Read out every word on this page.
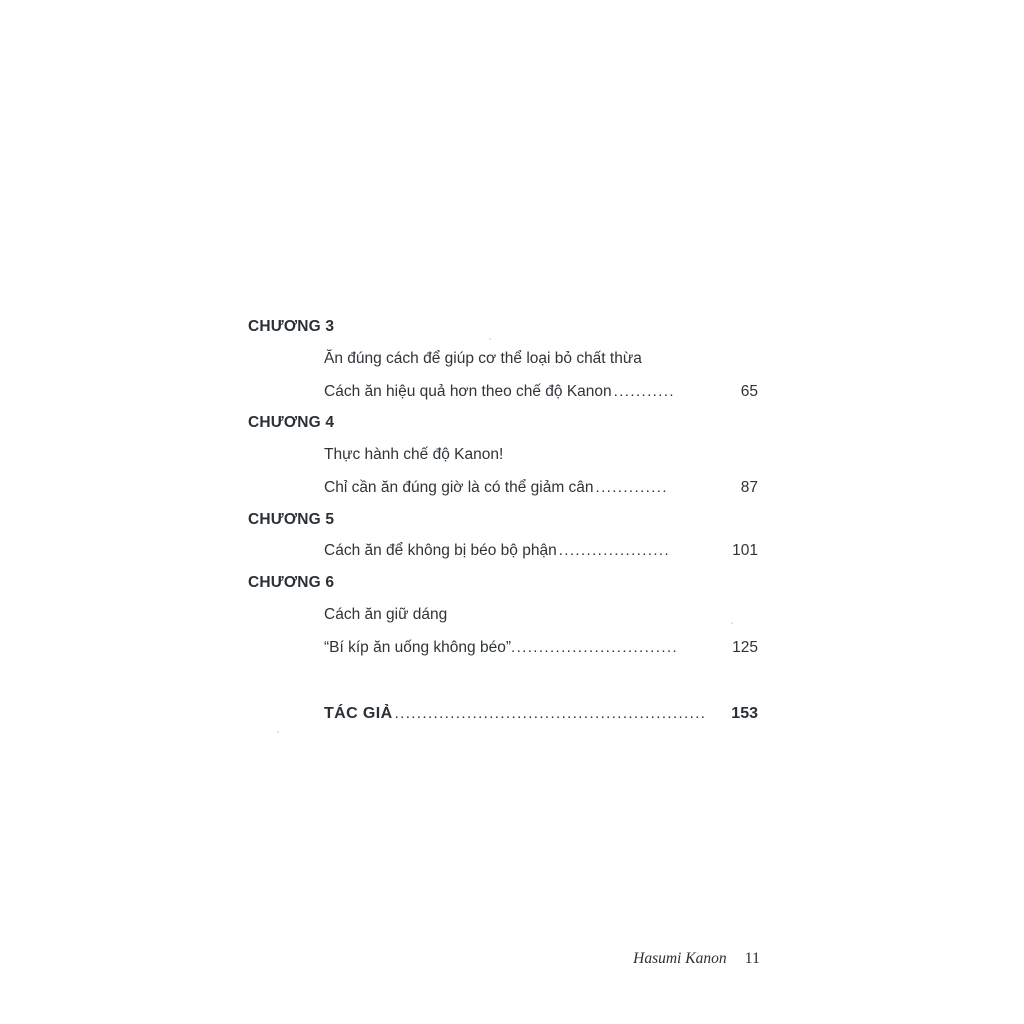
CHƯƠNG 3
Ăn đúng cách để giúp cơ thể loại bỏ chất thừa
Cách ăn hiệu quả hơn theo chế độ Kanon ...........	65
CHƯƠNG 4
Thực hành chế độ Kanon!
Chỉ cần ăn đúng giờ là có thể giảm cân .............	87
CHƯƠNG 5
Cách ăn để không bị béo bộ phận ....................	101
CHƯƠNG 6
Cách ăn giữ dáng
“Bí kíp ăn uống không béo” ..............................	125
TÁC GIẢ ........................................................	153
Hasumi Kanon 11
